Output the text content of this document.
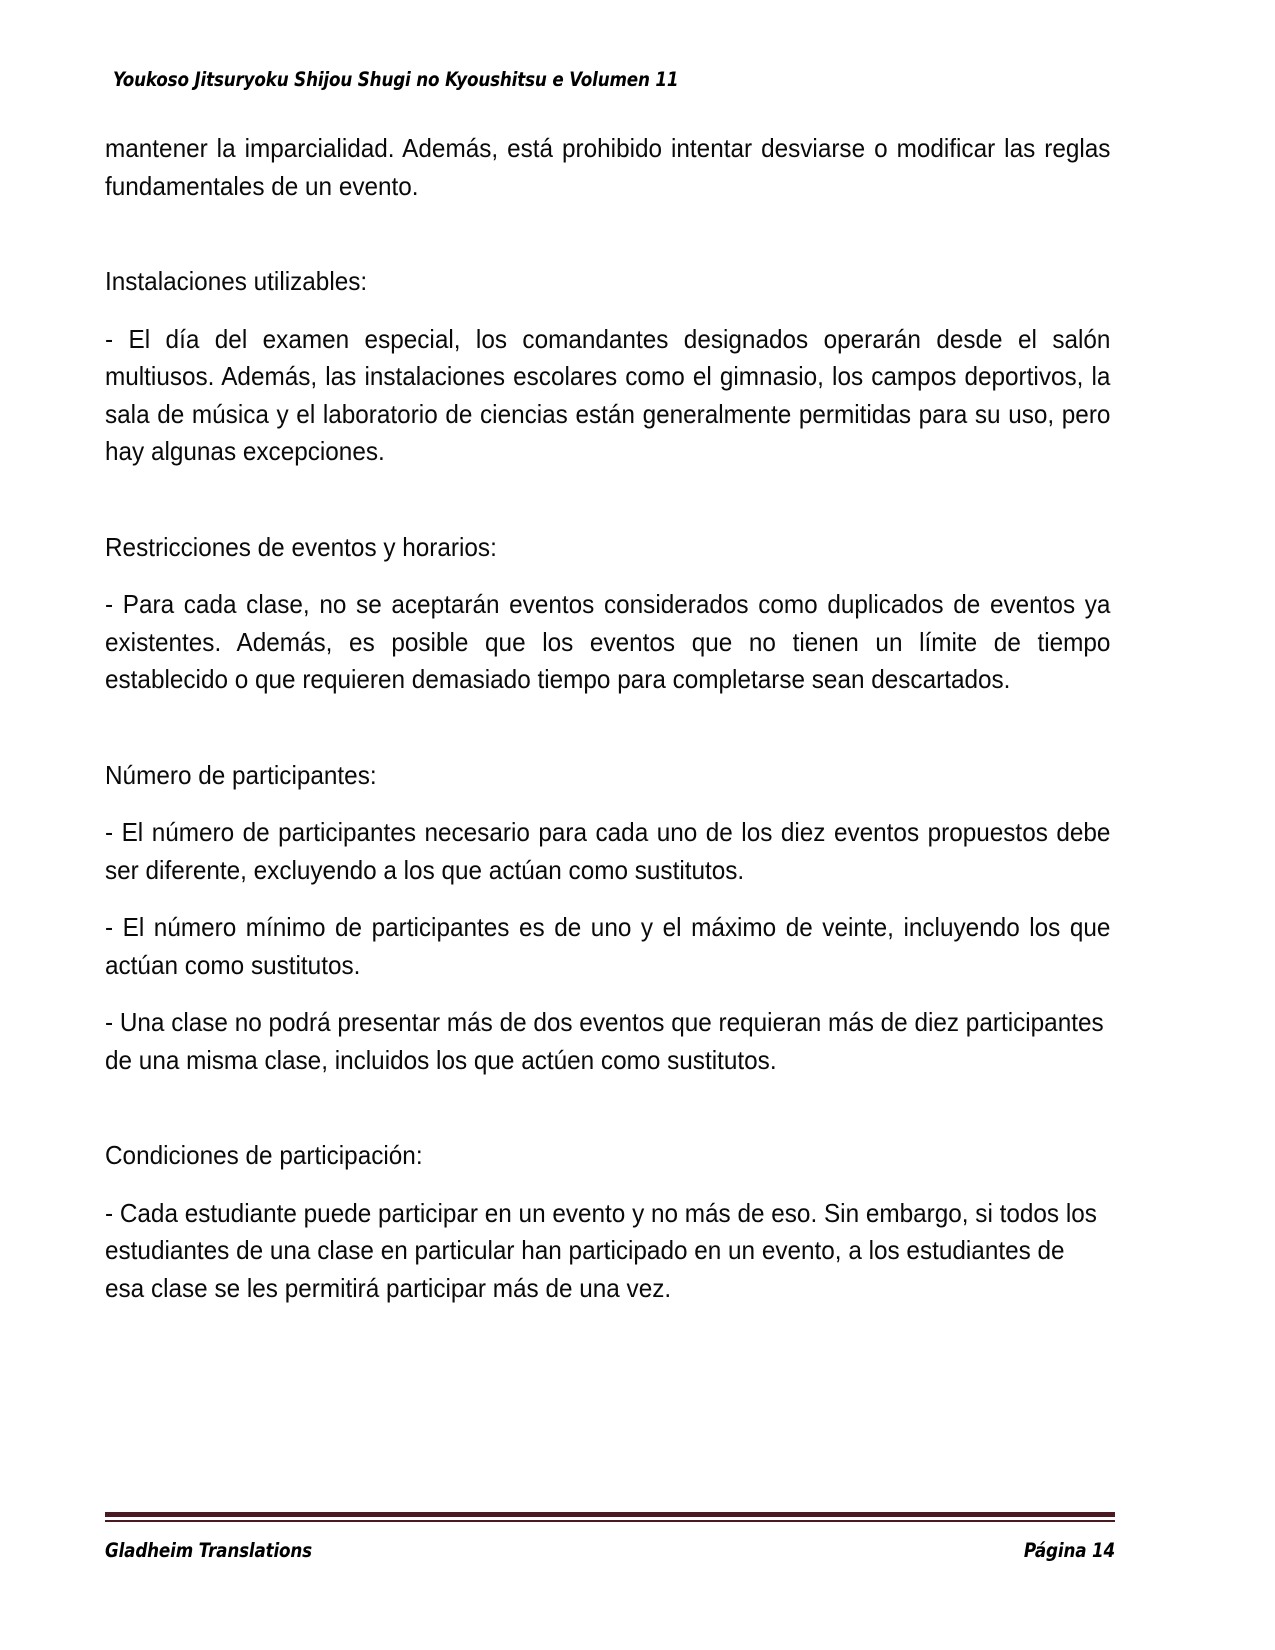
Youkoso Jitsuryoku Shijou Shugi no Kyoushitsu e Volumen 11

mantener la imparcialidad. Además, está prohibido intentar desviarse o modificar las reglas fundamentales de un evento.

Instalaciones utilizables:

- El día del examen especial, los comandantes designados operarán desde el salón multiusos. Además, las instalaciones escolares como el gimnasio, los campos deportivos, la sala de música y el laboratorio de ciencias están generalmente permitidas para su uso, pero hay algunas excepciones.

Restricciones de eventos y horarios:

- Para cada clase, no se aceptarán eventos considerados como duplicados de eventos ya existentes. Además, es posible que los eventos que no tienen un límite de tiempo establecido o que requieren demasiado tiempo para completarse sean descartados.

Número de participantes:

- El número de participantes necesario para cada uno de los diez eventos propuestos debe ser diferente, excluyendo a los que actúan como sustitutos.

- El número mínimo de participantes es de uno y el máximo de veinte, incluyendo los que actúan como sustitutos.

- Una clase no podrá presentar más de dos eventos que requieran más de diez participantes de una misma clase, incluidos los que actúen como sustitutos.

Condiciones de participación:

- Cada estudiante puede participar en un evento y no más de eso. Sin embargo, si todos los estudiantes de una clase en particular han participado en un evento, a los estudiantes de esa clase se les permitirá participar más de una vez.

Gladheim Translations	Página 14
